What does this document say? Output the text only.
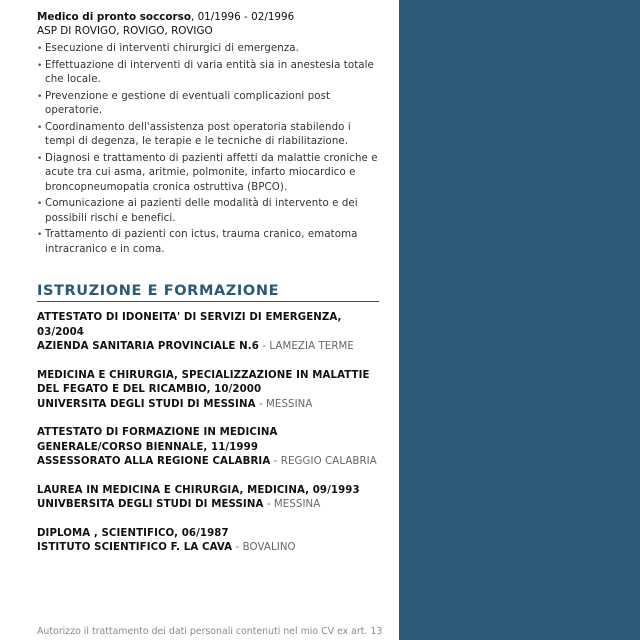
Medico di pronto soccorso, 01/1996 - 02/1996
ASP DI ROVIGO, ROVIGO, ROVIGO
• Esecuzione di interventi chirurgici di emergenza.
• Effettuazione di interventi di varia entità sia in anestesia totale che locale.
• Prevenzione e gestione di eventuali complicazioni post operatorie.
• Coordinamento dell'assistenza post operatoria stabilendo i tempi di degenza, le terapie e le tecniche di riabilitazione.
• Diagnosi e trattamento di pazienti affetti da malattie croniche e acute tra cui asma, aritmie, polmonite, infarto miocardico e broncopneumopatia cronica ostruttiva (BPCO).
• Comunicazione ai pazienti delle modalità di intervento e dei possibili rischi e benefici.
• Trattamento di pazienti con ictus, trauma cranico, ematoma intracranico e in coma.
ISTRUZIONE E FORMAZIONE
ATTESTATO DI IDONEITA' DI SERVIZI DI EMERGENZA, 03/2004
AZIENDA SANITARIA PROVINCIALE N.6 - LAMEZIA TERME
MEDICINA E CHIRURGIA, SPECIALIZZAZIONE IN MALATTIE DEL FEGATO E DEL RICAMBIO, 10/2000
UNIVERSITA DEGLI STUDI DI MESSINA - MESSINA
ATTESTATO DI FORMAZIONE IN MEDICINA GENERALE/CORSO BIENNALE, 11/1999
ASSESSORATO ALLA REGIONE CALABRIA - REGGIO CALABRIA
LAUREA IN MEDICINA E CHIRURGIA, MEDICINA, 09/1993
UNIVBERSITA DEGLI STUDI DI MESSINA - MESSINA
DIPLOMA , SCIENTIFICO, 06/1987
ISTITUTO SCIENTIFICO F. LA CAVA - BOVALINO
Autorizzo il trattamento dei dati personali contenuti nel mio CV ex art. 13
